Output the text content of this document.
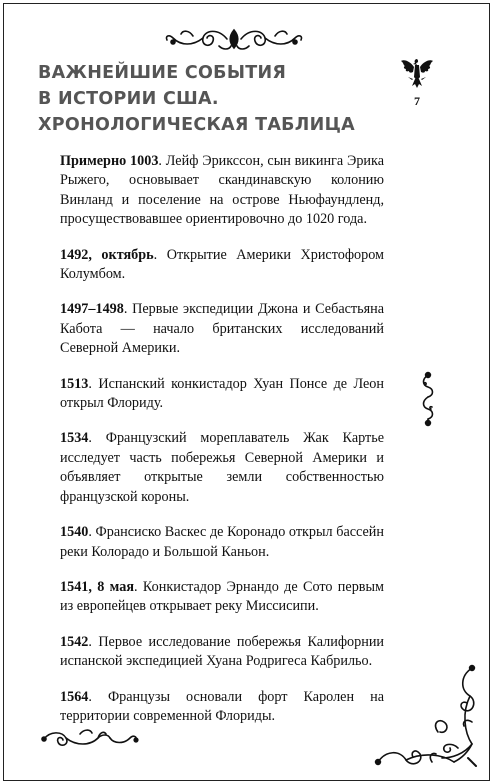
ВАЖНЕЙШИЕ СОБЫТИЯ
В ИСТОРИИ США.
ХРОНОЛОГИЧЕСКАЯ ТАБЛИЦА
7

Примерно 1003. Лейф Эрикссон, сын викинга Эрика Рыжего, основывает скандинавскую колонию Винланд и поселение на острове Ньюфаундленд, просуществовавшее ориентировочно до 1020 года.

1492, октябрь. Открытие Америки Христофором Колумбом.

1497–1498. Первые экспедиции Джона и Себастьяна Кабота — начало британских исследований Северной Америки.

1513. Испанский конкистадор Хуан Понсе де Леон открыл Флориду.

1534. Французский мореплаватель Жак Картье исследует часть побережья Северной Америки и объявляет открытые земли собственностью французской короны.

1540. Франсиско Васкес де Коронадо открыл бассейн реки Колорадо и Большой Каньон.

1541, 8 мая. Конкистадор Эрнандо де Сото первым из европейцев открывает реку Миссисипи.

1542. Первое исследование побережья Калифорнии испанской экспедицией Хуана Родригеса Кабрильо.

1564. Французы основали форт Каролен на территории современной Флориды.
